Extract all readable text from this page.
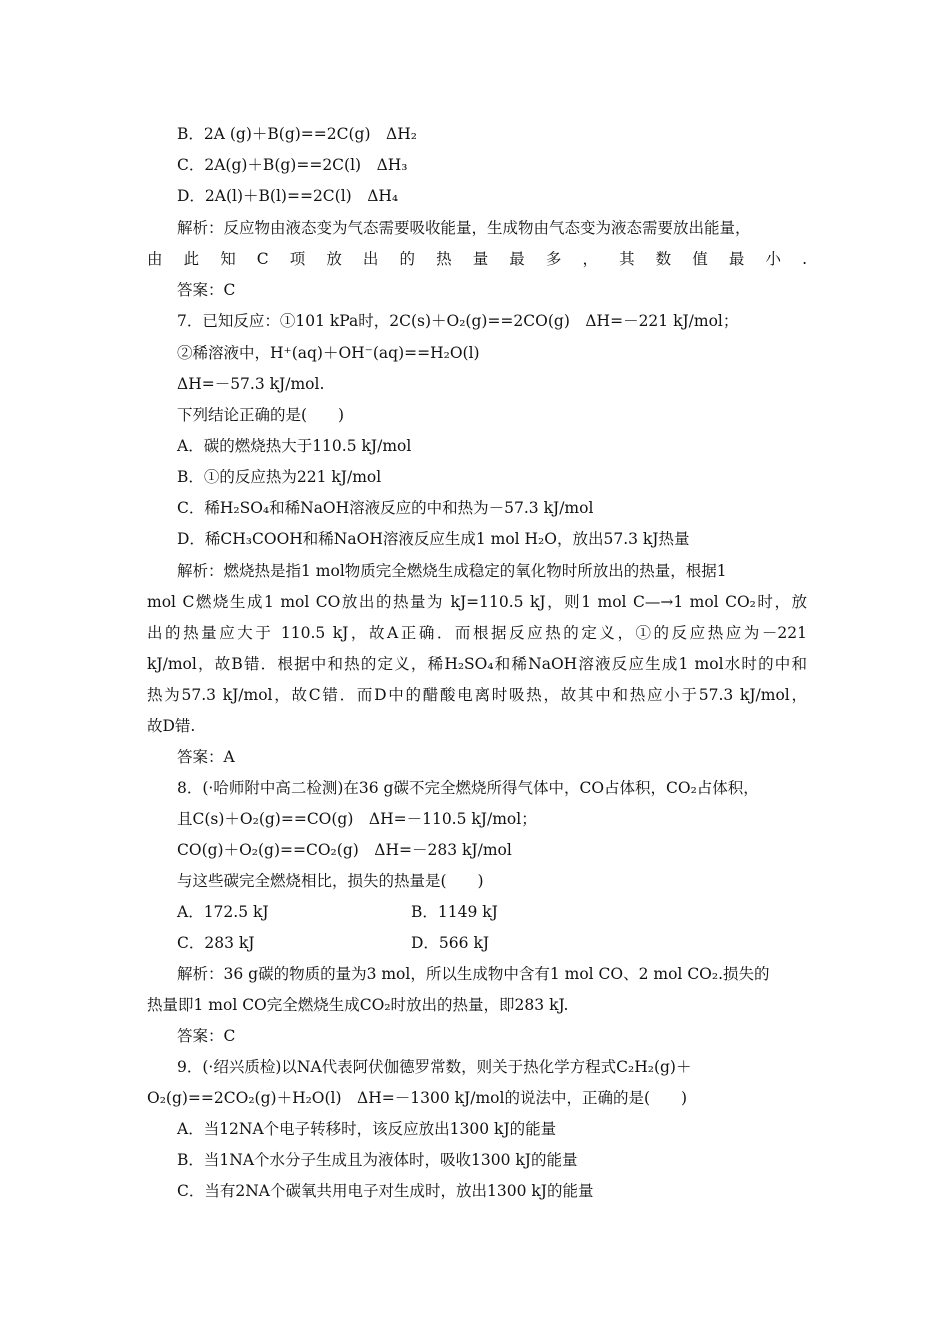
B．2A (g)＋B(g)==2C(g)　ΔH₂
C．2A(g)＋B(g)==2C(l)　ΔH₃
D．2A(l)＋B(l)==2C(l)　ΔH₄
解析：反应物由液态变为气态需要吸收能量，生成物由气态变为液态需要放出能量，
由此知C项放出的热量最多，其数值最小.
答案：C
7．已知反应：①101 kPa时，2C(s)＋O₂(g)==2CO(g)　ΔH=－221 kJ/mol；
②稀溶液中，H⁺(aq)＋OH⁻(aq)==H₂O(l)
ΔH=－57.3 kJ/mol.
下列结论正确的是(　　)
A．碳的燃烧热大于110.5 kJ/mol
B．①的反应热为221 kJ/mol
C．稀H₂SO₄和稀NaOH溶液反应的中和热为－57.3 kJ/mol
D．稀CH₃COOH和稀NaOH溶液反应生成1 mol H₂O，放出57.3 kJ热量
解析：燃烧热是指1 mol物质完全燃烧生成稳定的氧化物时所放出的热量，根据1
mol C燃烧生成1 mol CO放出的热量为 kJ=110.5 kJ，则1 mol C—→1 mol CO₂时，放
出的热量应大于 110.5 kJ，故A正确．而根据反应热的定义，①的反应热应为－221
kJ/mol，故B错．根据中和热的定义，稀H₂SO₄和稀NaOH溶液反应生成1 mol水时的中和
热为57.3 kJ/mol，故C错．而D中的醋酸电离时吸热，故其中和热应小于57.3 kJ/mol，
故D错.
答案：A
8．(·哈师附中高二检测)在36 g碳不完全燃烧所得气体中，CO占体积，CO₂占体积，
且C(s)＋O₂(g)==CO(g)　ΔH=－110.5 kJ/mol；
CO(g)＋O₂(g)==CO₂(g)　ΔH=－283 kJ/mol
与这些碳完全燃烧相比，损失的热量是(　　)
A．172.5 kJ	B．1149 kJ
C．283 kJ	D．566 kJ
解析：36 g碳的物质的量为3 mol，所以生成物中含有1 mol CO、2 mol CO₂.损失的
热量即1 mol CO完全燃烧生成CO₂时放出的热量，即283 kJ.
答案：C
9．(·绍兴质检)以NA代表阿伏伽德罗常数，则关于热化学方程式C₂H₂(g)＋
O₂(g)==2CO₂(g)＋H₂O(l)　ΔH=－1300 kJ/mol的说法中，正确的是(　　)
A．当12NA个电子转移时，该反应放出1300 kJ的能量
B．当1NA个水分子生成且为液体时，吸收1300 kJ的能量
C．当有2NA个碳氧共用电子对生成时，放出1300 kJ的能量
